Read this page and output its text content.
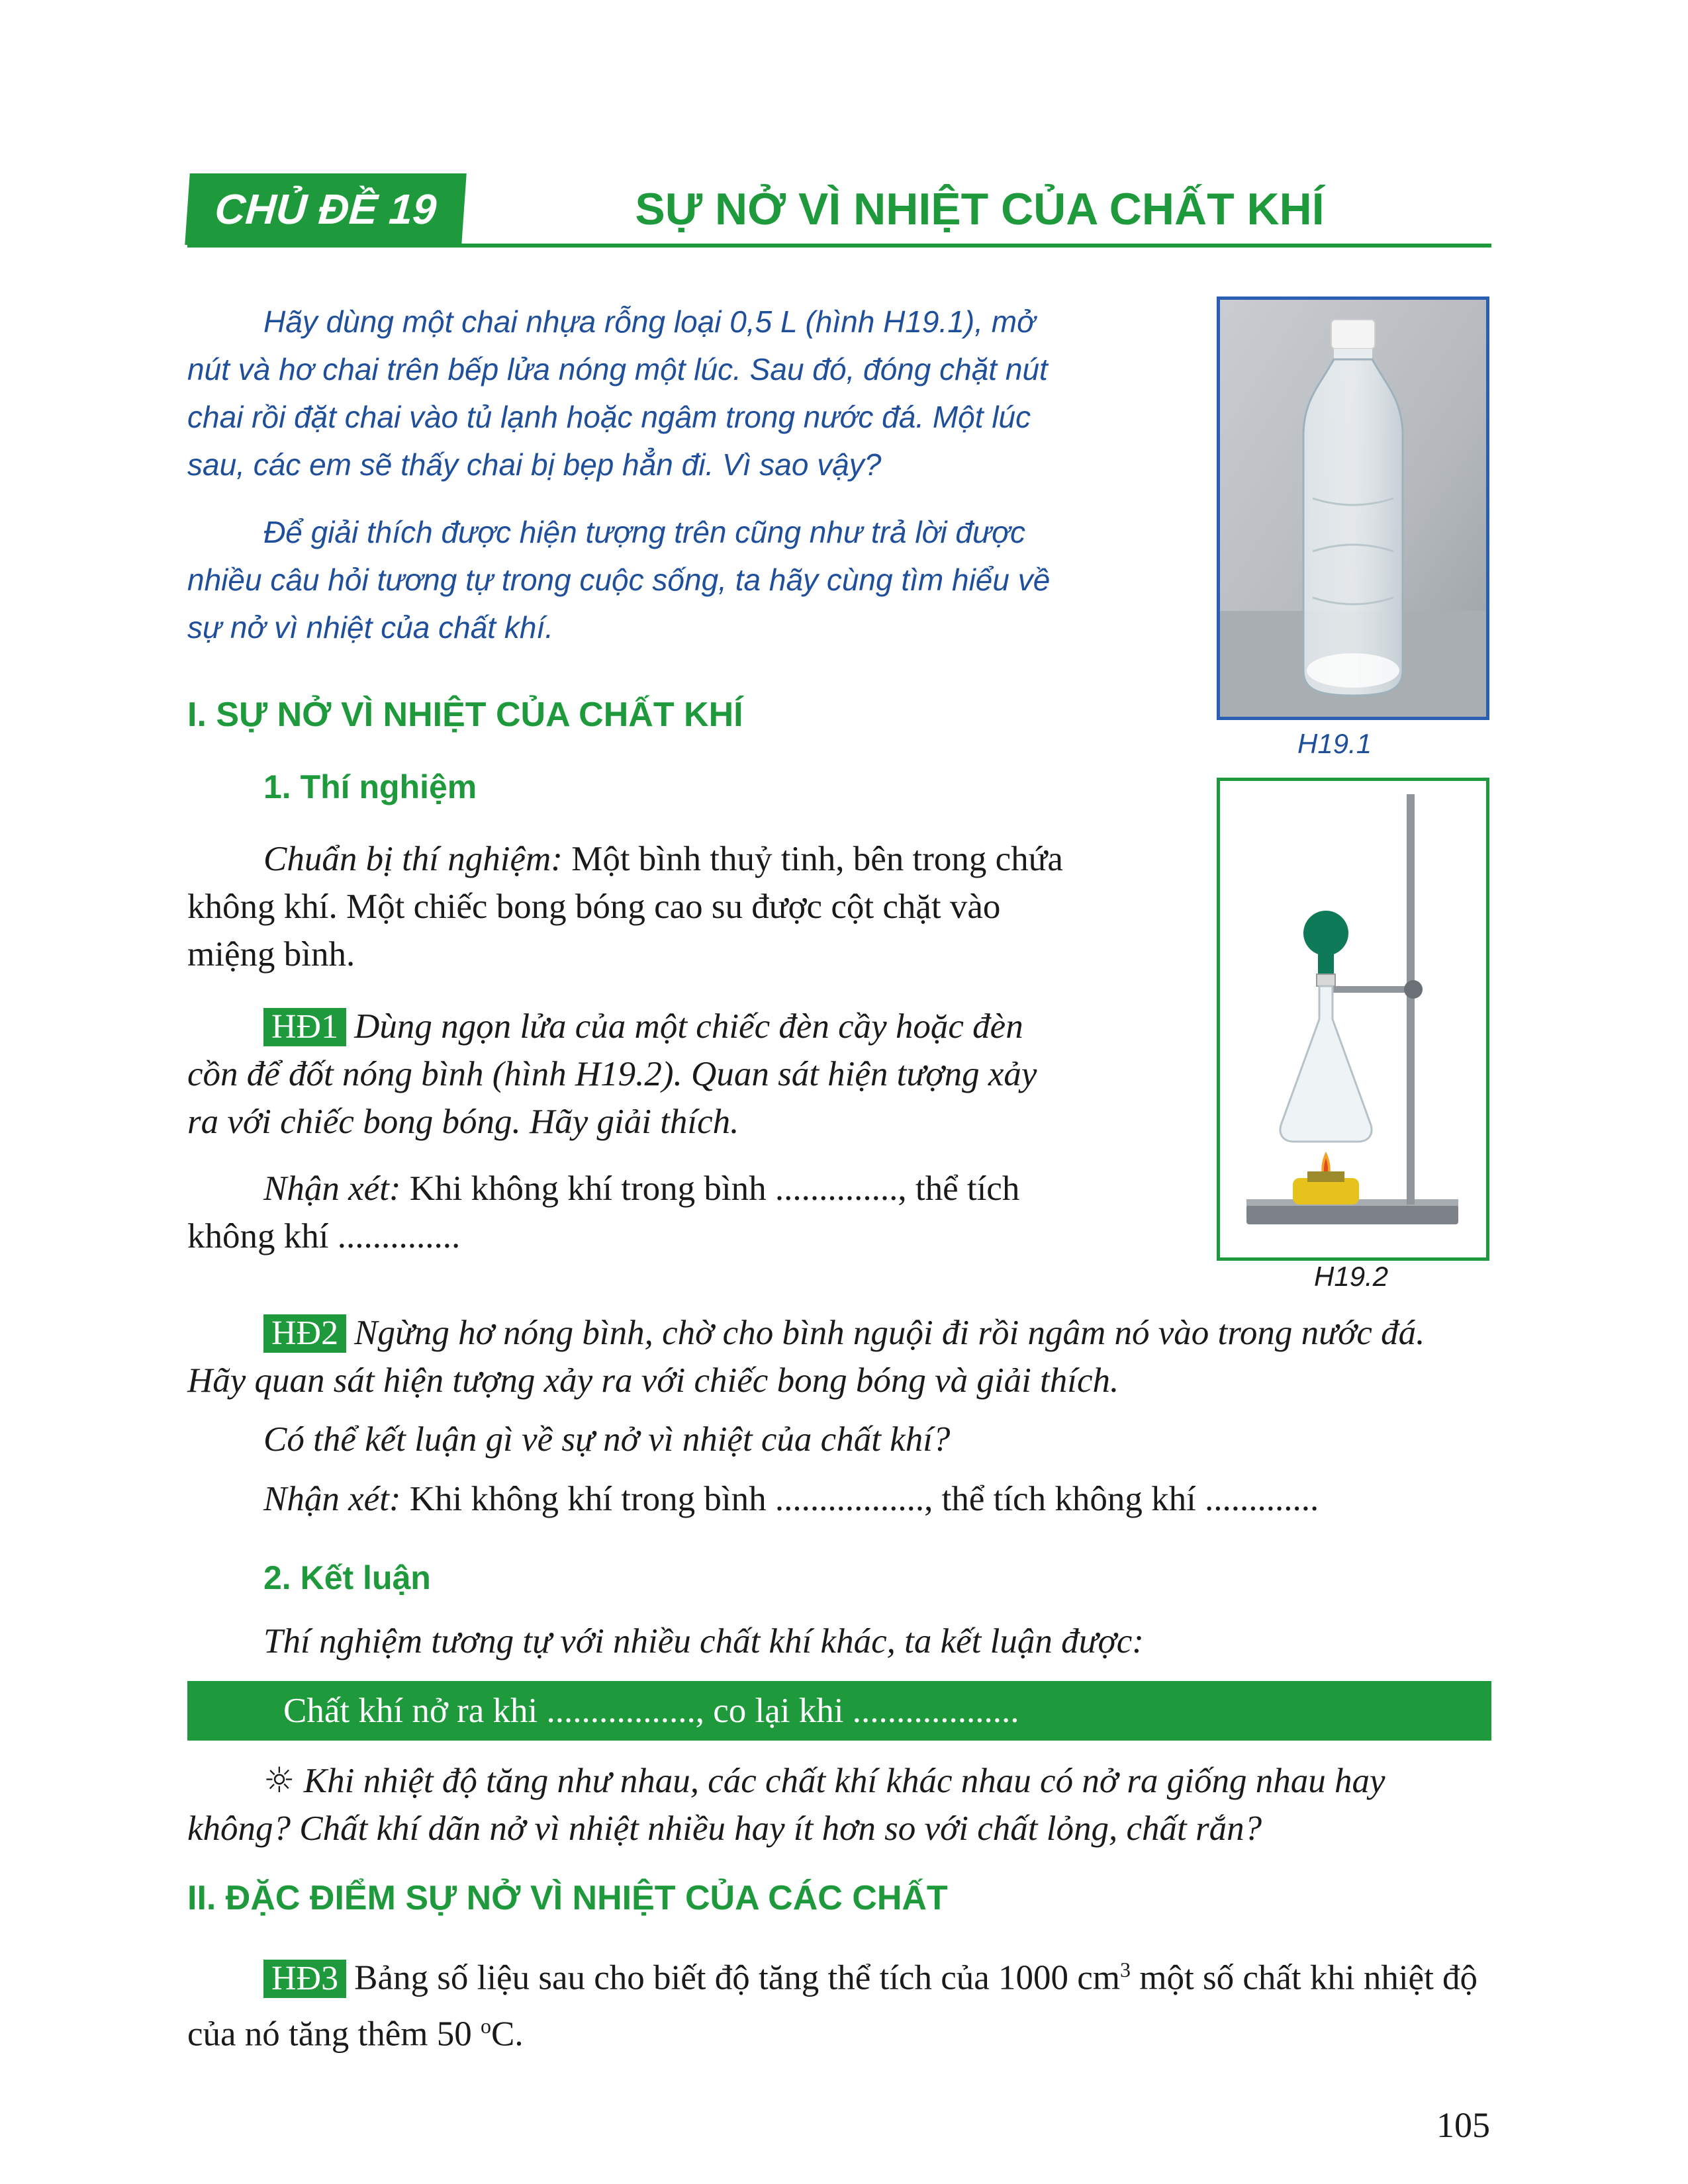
CHỦ ĐỀ 19	SỰ NỞ VÌ NHIỆT CỦA CHẤT KHÍ

Hãy dùng một chai nhựa rỗng loại 0,5 L (hình H19.1), mở nút và hơ chai trên bếp lửa nóng một lúc. Sau đó, đóng chặt nút chai rồi đặt chai vào tủ lạnh hoặc ngâm trong nước đá. Một lúc sau, các em sẽ thấy chai bị bẹp hẳn đi. Vì sao vậy?

Để giải thích được hiện tượng trên cũng như trả lời được nhiều câu hỏi tương tự trong cuộc sống, ta hãy cùng tìm hiểu về sự nở vì nhiệt của chất khí.

H19.1
I. SỰ NỞ VÌ NHIỆT CỦA CHẤT KHÍ
1. Thí nghiệm

Chuẩn bị thí nghiệm: Một bình thuỷ tinh, bên trong chứa không khí. Một chiếc bong bóng cao su được cột chặt vào miệng bình.

HĐ1 Dùng ngọn lửa của một chiếc đèn cầy hoặc đèn cồn để đốt nóng bình (hình H19.2). Quan sát hiện tượng xảy ra với chiếc bong bóng. Hãy giải thích.

Nhận xét: Khi không khí trong bình .............., thể tích không khí ..............

H19.2

HĐ2 Ngừng hơ nóng bình, chờ cho bình nguội đi rồi ngâm nó vào trong nước đá. Hãy quan sát hiện tượng xảy ra với chiếc bong bóng và giải thích.

Có thể kết luận gì về sự nở vì nhiệt của chất khí?
Nhận xét: Khi không khí trong bình ................., thể tích không khí .............
2. Kết luận
Thí nghiệm tương tự với nhiều chất khí khác, ta kết luận được:
Chất khí nở ra khi ................., co lại khi ...................

☼ Khi nhiệt độ tăng như nhau, các chất khí khác nhau có nở ra giống nhau hay không? Chất khí dãn nở vì nhiệt nhiều hay ít hơn so với chất lỏng, chất rắn?

II. ĐẶC ĐIỂM SỰ NỞ VÌ NHIỆT CỦA CÁC CHẤT

HĐ3 Bảng số liệu sau cho biết độ tăng thể tích của 1000 $cm^3$ một số chất khi nhiệt độ của nó tăng thêm 50 $^o$C.

105
